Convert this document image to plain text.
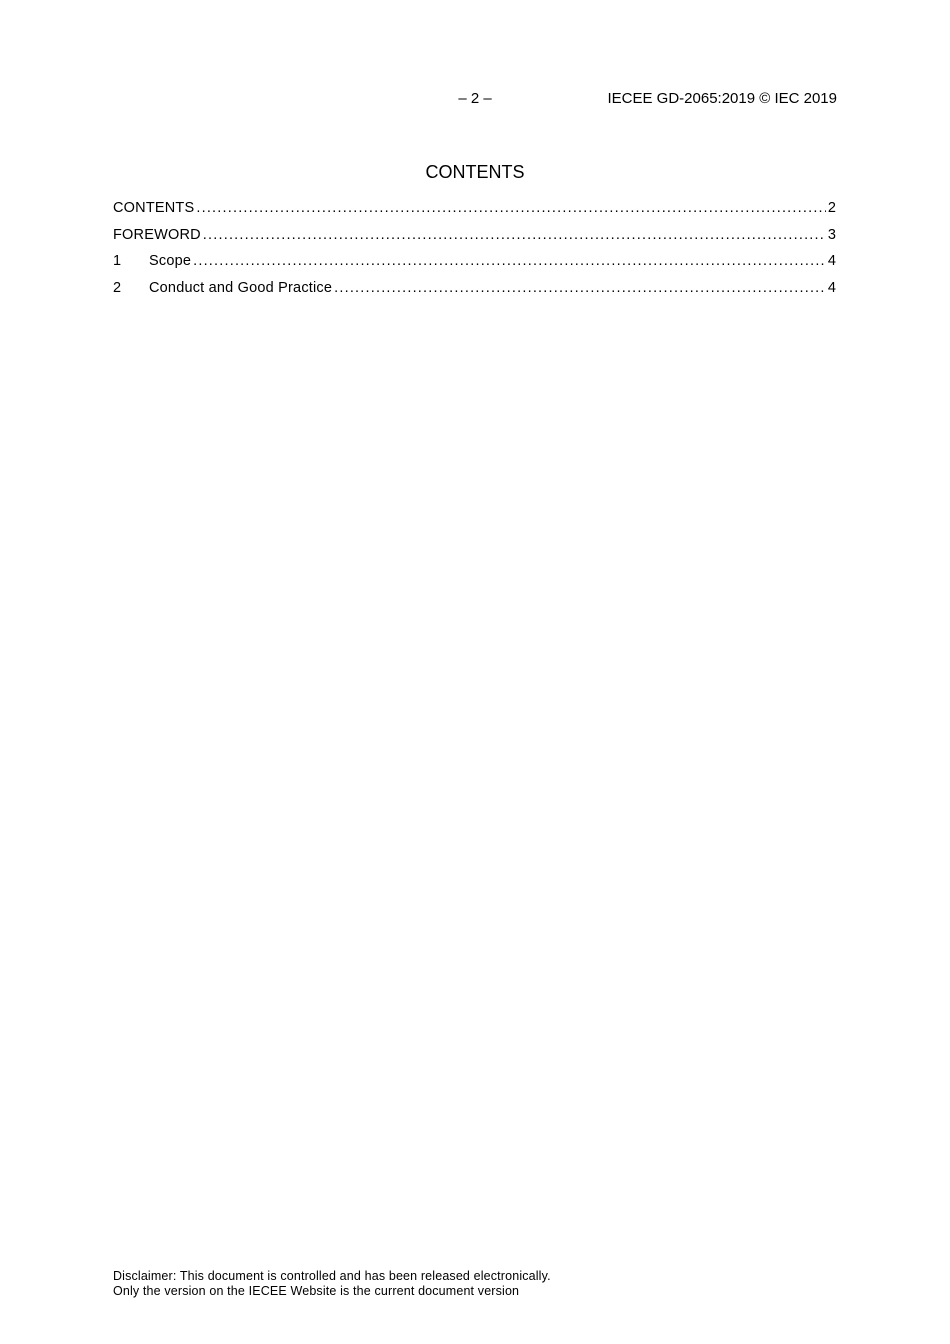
– 2 –	IECEE GD-2065:2019 © IEC 2019
CONTENTS
CONTENTS .....	2
FOREWORD .....	3
1	Scope .....	4
2	Conduct and Good Practice .....	4
Disclaimer: This document is controlled and has been released electronically.
Only the version on the IECEE Website is the current document version
